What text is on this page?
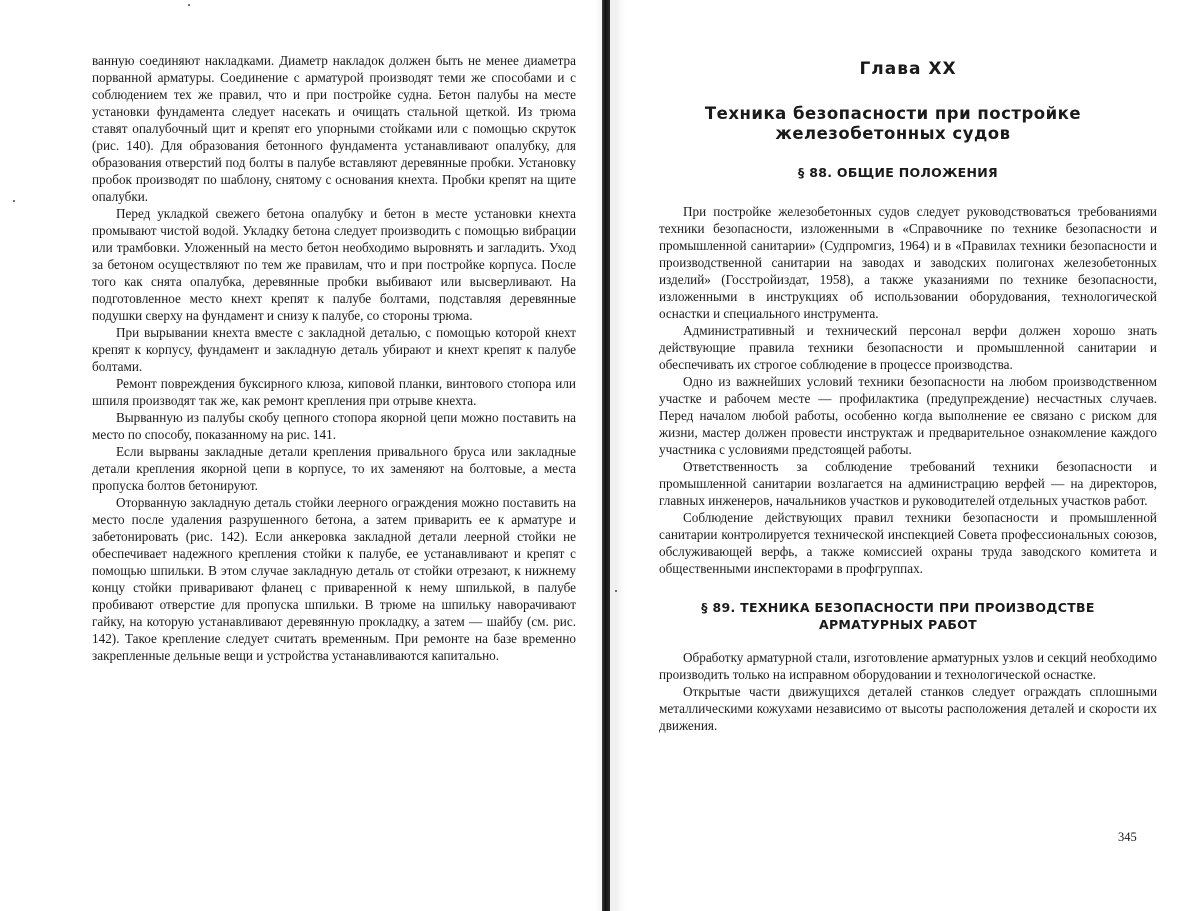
ванную соединяют накладками. Диаметр накладок должен быть не менее диаметра порванной арматуры. Соединение с арматурой производят теми же способами и с соблюдением тех же правил, что и при постройке судна. Бетон палубы на месте установки фундамента следует насекать и очищать стальной щеткой. Из трюма ставят опалубочный щит и крепят его упорными стойками или с помощью скруток (рис. 140). Для образования бетонного фундамента устанавливают опалубку, для образования отверстий под болты в палубе вставляют деревянные пробки. Установку пробок производят по шаблону, снятому с основания кнехта. Пробки крепят на щите опалубки.

Перед укладкой свежего бетона опалубку и бетон в месте установки кнехта промывают чистой водой. Укладку бетона следует производить с помощью вибрации или трамбовки. Уложенный на место бетон необходимо выровнять и загладить. Уход за бетоном осуществляют по тем же правилам, что и при постройке корпуса. После того как снята опалубка, деревянные пробки выбивают или высверливают. На подготовленное место кнехт крепят к палубе болтами, подставляя деревянные подушки сверху на фундамент и снизу к палубе, со стороны трюма.

При вырывании кнехта вместе с закладной деталью, с помощью которой кнехт крепят к корпусу, фундамент и закладную деталь убирают и кнехт крепят к палубе болтами.

Ремонт повреждения буксирного клюза, киповой планки, винтового стопора или шпиля производят так же, как ремонт крепления при отрыве кнехта.

Вырванную из палубы скобу цепного стопора якорной цепи можно поставить на место по способу, показанному на рис. 141.

Если вырваны закладные детали крепления привального бруса или закладные детали крепления якорной цепи в корпусе, то их заменяют на болтовые, а места пропуска болтов бетонируют.

Оторванную закладную деталь стойки леерного ограждения можно поставить на место после удаления разрушенного бетона, а затем приварить ее к арматуре и забетонировать (рис. 142). Если анкеровка закладной детали леерной стойки не обеспечивает надежного крепления стойки к палубе, ее устанавливают и крепят с помощью шпильки. В этом случае закладную деталь от стойки отрезают, к нижнему концу стойки приваривают фланец с приваренной к нему шпилькой, в палубе пробивают отверстие для пропуска шпильки. В трюме на шпильку наворачивают гайку, на которую устанавливают деревянную прокладку, а затем — шайбу (см. рис. 142). Такое крепление следует считать временным. При ремонте на базе временно закрепленные дельные вещи и устройства устанавливаются капитально.

Глава XX
Техника безопасности при постройке железобетонных судов
§ 88. ОБЩИЕ ПОЛОЖЕНИЯ

При постройке железобетонных судов следует руководствоваться требованиями техники безопасности, изложенными в «Справочнике по технике безопасности и промышленной санитарии» (Судпромгиз, 1964) и в «Правилах техники безопасности и производственной санитарии на заводах и заводских полигонах железобетонных изделий» (Госстройиздат, 1958), а также указаниями по технике безопасности, изложенными в инструкциях об использовании оборудования, технологической оснастки и специального инструмента.

Административный и технический персонал верфи должен хорошо знать действующие правила техники безопасности и промышленной санитарии и обеспечивать их строгое соблюдение в процессе производства.

Одно из важнейших условий техники безопасности на любом производственном участке и рабочем месте — профилактика (предупреждение) несчастных случаев. Перед началом любой работы, особенно когда выполнение ее связано с риском для жизни, мастер должен провести инструктаж и предварительное ознакомление каждого участника с условиями предстоящей работы.

Ответственность за соблюдение требований техники безопасности и промышленной санитарии возлагается на администрацию верфей — на директоров, главных инженеров, начальников участков и руководителей отдельных участков работ.

Соблюдение действующих правил техники безопасности и промышленной санитарии контролируется технической инспекцией Совета профессиональных союзов, обслуживающей верфь, а также комиссией охраны труда заводского комитета и общественными инспекторами в профгруппах.

§ 89. ТЕХНИКА БЕЗОПАСНОСТИ ПРИ ПРОИЗВОДСТВЕ АРМАТУРНЫХ РАБОТ

Обработку арматурной стали, изготовление арматурных узлов и секций необходимо производить только на исправном оборудовании и технологической оснастке.

Открытые части движущихся деталей станков следует ограждать сплошными металлическими кожухами независимо от высоты расположения деталей и скорости их движения.

345
